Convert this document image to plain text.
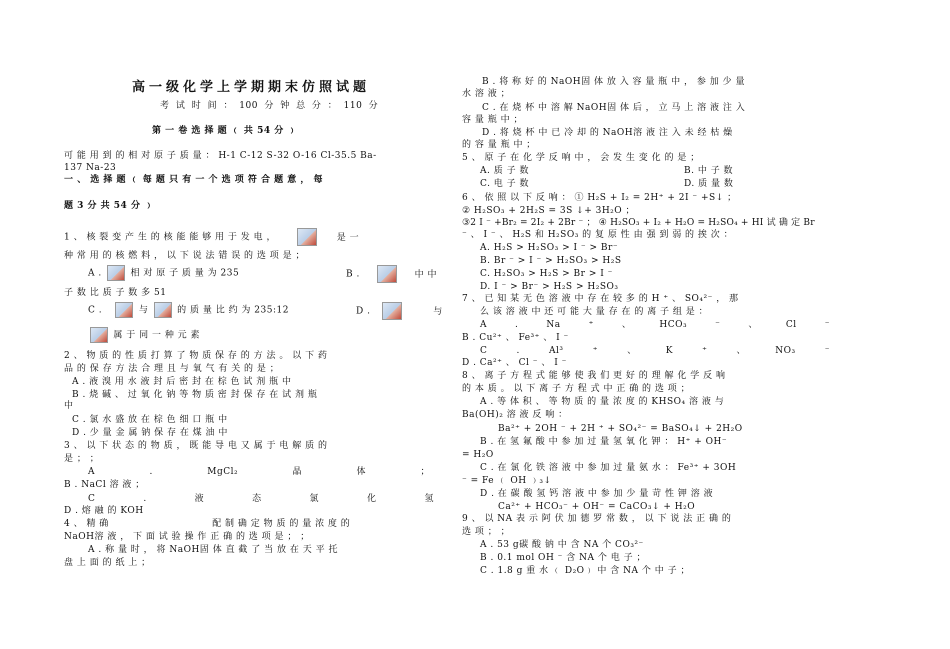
高一级化学上学期期末仿照试题
考 试 时 间 ： 100 分 钟 总 分 ： 110 分
第 一 卷 选 择 题 ﹙ 共 54 分 ﹚
可 能 用 到 的 相 对 原 子 质 量 ： H-1 C-12 S-32 O-16 Cl-35.5 Ba-
137 Na-23
一 、 选 择 题 ﹙ 每 题 只 有 一 个 选 项 符 合 题 意 ， 每
题 3 分 共 54 分 ﹚
1 、 核 裂 变 产 生 的 核 能 能 够 用 于 发 电 ，	是 一
种 常 用 的 核 燃 料 ， 以 下 说 法 错 误 的 选 项 是 ；
A .	相 对 原 子 质 量 为 235	B .	中 中
子 数 比 质 子 数 多 51
C .	与	的 质 量 比 约 为 235:12	D .	与
属 于 同 一 种 元 素
2 、 物 质 的 性 质 打 算 了 物 质 保 存 的 方 法 。 以 下 药
品 的 保 存 方 法 合 理 且 与 氧 气 有 关 的 是 ；
A . 液 溴 用 水 液 封 后 密 封 在 棕 色 试 剂 瓶 中
B . 烧 碱 、 过 氧 化 钠 等 物 质 密 封 保 存 在 试 剂 瓶
中
C . 氯 水 盛 放 在 棕 色 细 口 瓶 中
D . 少 量 金 属 钠 保 存 在 煤 油 中
3 、 以 下 状 态 的 物 质 ， 既 能 导 电 又 属 于 电 解 质 的
是 ； ；
A	.	MgCl₂	晶	体	；
B . NaCl 溶 液 ；
C	.	液	态	氯	化	氢
D . 熔 融 的 KOH
4 、 精 确	配 制 确 定 物 质 的 量 浓 度 的
NaOH溶 液 ， 下 面 试 验 操 作 正 确 的 选 项 是 ； ；
A . 称 量 时 ， 将 NaOH固 体 直 截 了 当 放 在 天 平 托
盘 上 面 的 纸 上 ；
B . 将 称 好 的 NaOH固 体 放 入 容 量 瓶 中 ， 参 加 少 量
水 溶 液 ；
C . 在 烧 杯 中 溶 解 NaOH固 体 后 ， 立 马 上 溶 液 注 入
容 量 瓶 中 ；
D . 将 烧 杯 中 已 冷 却 的 NaOH溶 液 注 入 未 经 枯 燥
的 容 量 瓶 中 ；
5 、 原 子 在 化 学 反 响 中 ， 会 发 生 变 化 的 是 ；
A. 质 子 数	B. 中 子 数
C. 电 子 数	D. 质 量 数
6 、 依 照 以 下 反 响 ： ① H₂S + I₂ = 2H⁺ + 2I ⁻ +S↓ ；
② H₂SO₃ + 2H₂S = 3S ↓+ 3H₂O ；
③2 I ⁻ +Br₂ = 2I₂ + 2Br ⁻ ； ④ H₂SO₃ + I₂ + H₂O = H₂SO₄ + HI 试 确 定 Br
⁻ 、 I ⁻ 、 H₂S 和 H₂SO₃ 的 复 原 性 由 强 到 弱 的 挨 次 ：
A. H₂S > H₂SO₃ > I ⁻ > Br⁻
B. Br ⁻ > I ⁻ > H₂SO₃ > H₂S
C. H₂SO₃ > H₂S > Br > I ⁻
D. I ⁻ > Br⁻ > H₂S > H₂SO₃
7 、 已 知 某 无 色 溶 液 中 存 在 较 多 的 H ⁺ 、 SO₄²⁻ ， 那
么 该 溶 液 中 还 可 能 大 量 存 在 的 离 子 组 是 ：
A	.	Na	⁺	、	HCO₃	⁻	、	Cl	⁻
B . Cu²⁺ 、 Fe³⁺ 、 I ⁻
C	.	Al³	⁺	、	K	⁺	、	NO₃	⁻
D . Ca²⁺ 、 Cl ⁻ 、 I ⁻
8 、 离 子 方 程 式 能 够 使 我 们 更 好 的 理 解 化 学 反 响
的 本 质 。 以 下 离 子 方 程 式 中 正 确 的 选 项 ；
A . 等 体 积 、 等 物 质 的 量 浓 度 的 KHSO₄ 溶 液 与
Ba(OH)₂ 溶 液 反 响 ：
Ba²⁺ + 2OH ⁻ + 2H ⁺ + SO₄²⁻ = BaSO₄↓ + 2H₂O
B . 在 氢 氟 酸 中 参 加 过 量 氢 氧 化 钾 ： H⁺ + OH⁻
= H₂O
C . 在 氯 化 铁 溶 液 中 参 加 过 量 氨 水 ： Fe³⁺ + 3OH
⁻ = Fe ﹙ OH ﹚₃↓
D . 在 碳 酸 氢 钙 溶 液 中 参 加 少 量 苛 性 钾 溶 液
Ca²⁺ + HCO₃⁻ + OH⁻ = CaCO₃↓ + H₂O
9 、 以 NA 表 示 阿 伏 加 德 罗 常 数 ， 以 下 说 法 正 确 的
选 项 ； ；
A . 53 g碳 酸 钠 中 含 NA 个 CO₃²⁻
B . 0.1 mol OH ⁻ 含 NA 个 电 子 ；
C . 1.8 g 重 水 ﹙ D₂O﹚ 中 含 NA 个 中 子 ；
